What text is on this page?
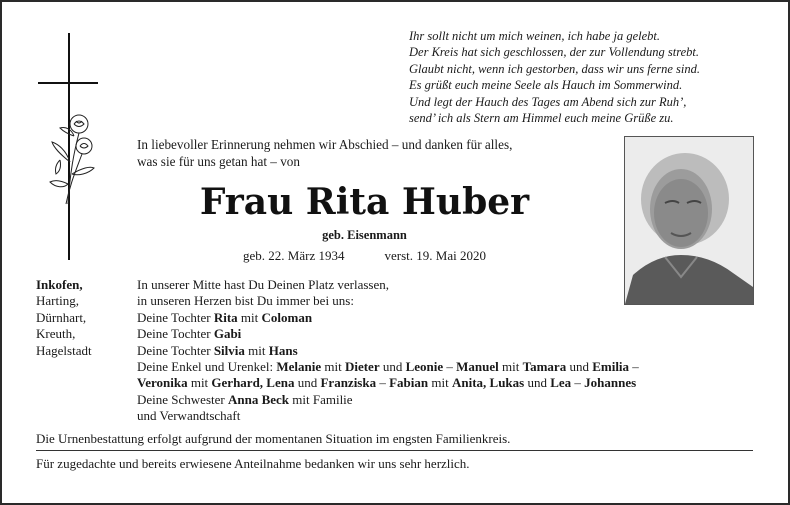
Ihr sollt nicht um mich weinen, ich habe ja gelebt.
Der Kreis hat sich geschlossen, der zur Vollendung strebt.
Glaubt nicht, wenn ich gestorben, dass wir uns ferne sind.
Es grüßt euch meine Seele als Hauch im Sommerwind.
Und legt der Hauch des Tages am Abend sich zur Ruh’,
send’ ich als Stern am Himmel euch meine Grüße zu.
In liebevoller Erinnerung nehmen wir Abschied – und danken für alles,
was sie für uns getan hat – von
Frau Rita Huber
geb. Eisenmann
geb. 22. März 1934	verst. 19. Mai 2020
Inkofen,
Harting,
Dürnhart,
Kreuth,
Hagelstadt
In unserer Mitte hast Du Deinen Platz verlassen,
in unseren Herzen bist Du immer bei uns:
Deine Tochter Rita mit Coloman
Deine Tochter Gabi
Deine Tochter Silvia mit Hans
Deine Enkel und Urenkel: Melanie mit Dieter und Leonie – Manuel mit Tamara und Emilia –
Veronika mit Gerhard, Lena und Franziska – Fabian mit Anita, Lukas und Lea – Johannes
Deine Schwester Anna Beck mit Familie
und Verwandtschaft
Die Urnenbestattung erfolgt aufgrund der momentanen Situation im engsten Familienkreis.
Für zugedachte und bereits erwiesene Anteilnahme bedanken wir uns sehr herzlich.
